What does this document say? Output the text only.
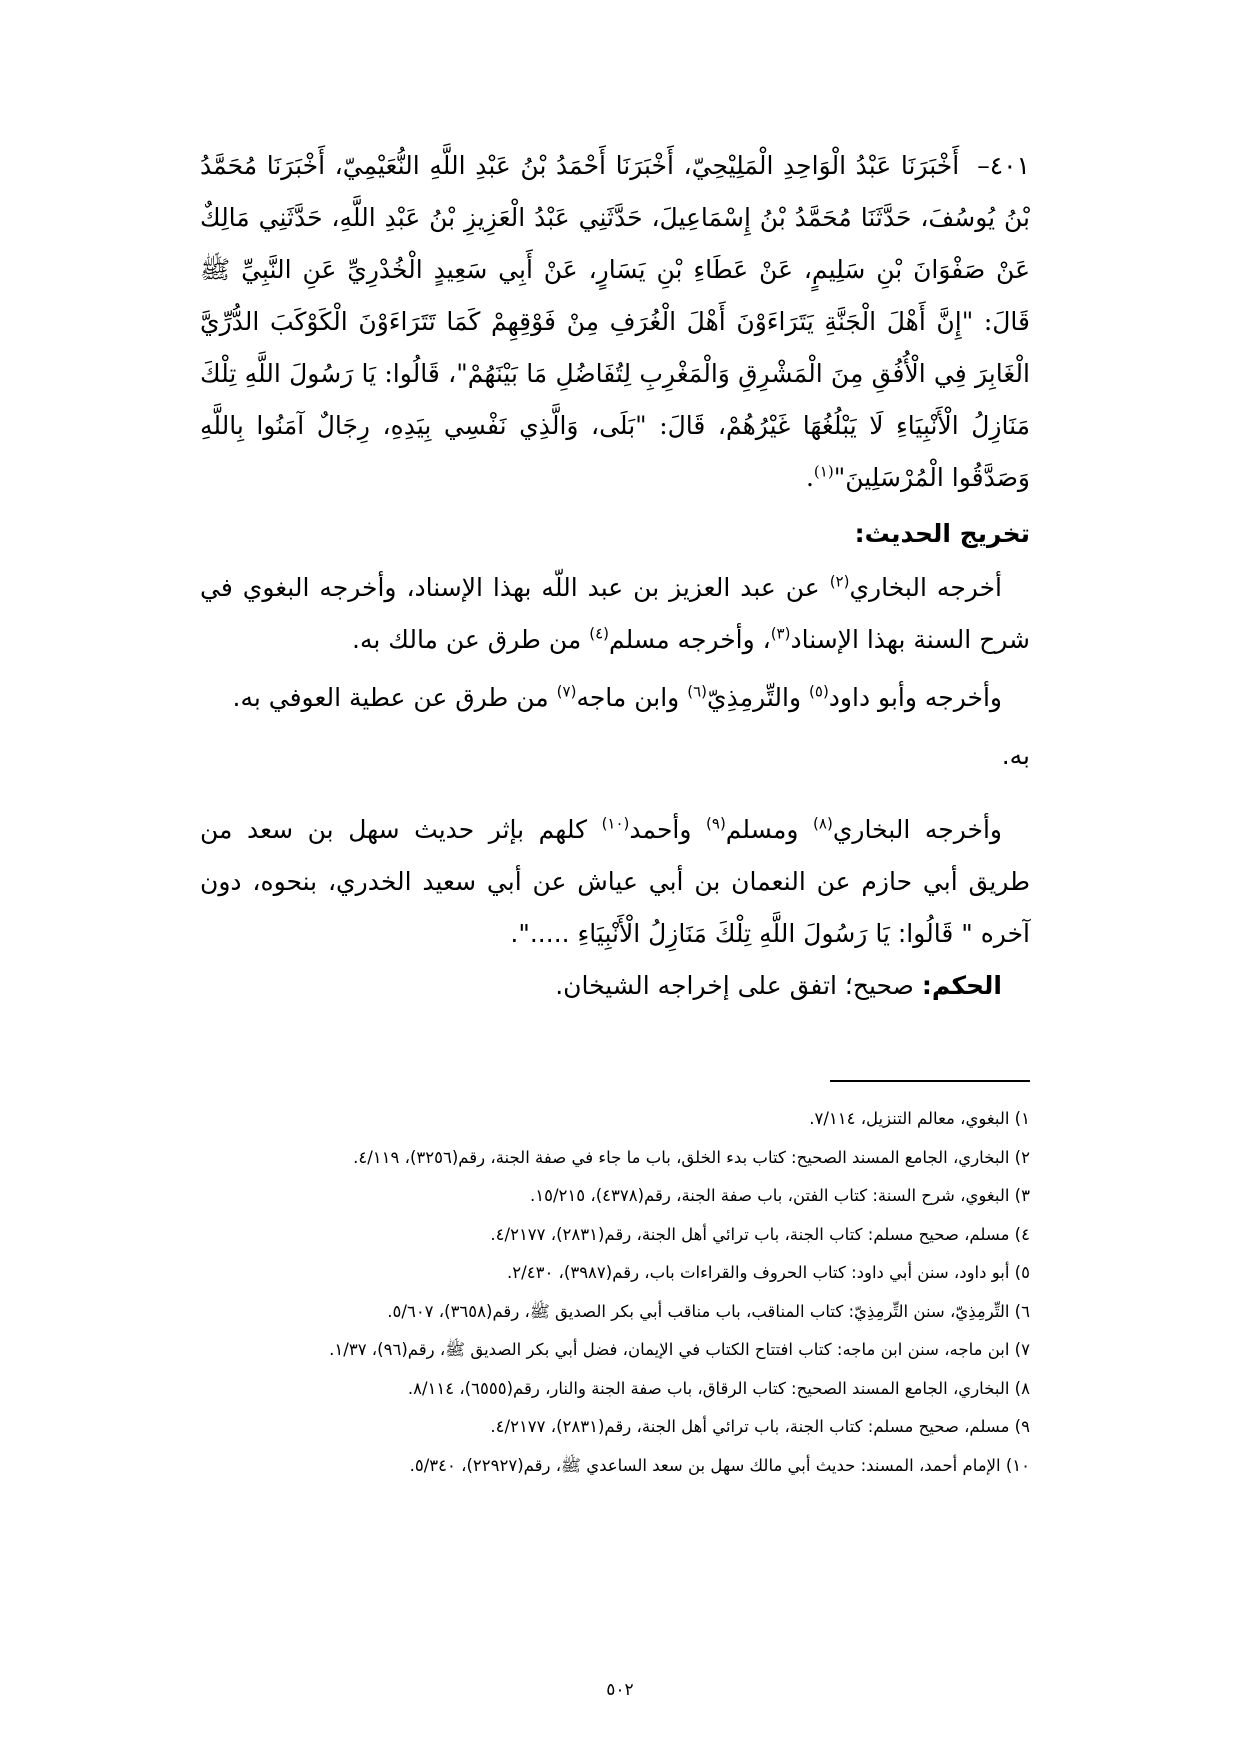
٤٠١–أَخْبَرَنَا عَبْدُ الْوَاحِدِ الْمَلِيْحِيّ، أَخْبَرَنَا أَحْمَدُ بْنُ عَبْدِ اللَّهِ النُّعَيْمِيّ، أَخْبَرَنَا مُحَمَّدُ بْنُ يُوسُفَ، حَدَّثَنَا مُحَمَّدُ بْنُ إِسْمَاعِيلَ، حَدَّثَنِي عَبْدُ الْعَزِيزِ بْنُ عَبْدِ اللَّهِ، حَدَّثَنِي مَالِكٌ عَنْ صَفْوَانَ بْنِ سَلِيمٍ، عَنْ عَطَاءِ بْنِ يَسَارٍ، عَنْ أَبِي سَعِيدٍ الْخُدْرِيِّ عَنِ النَّبِيِّ ﷺ قَالَ: "إِنَّ أَهْلَ الْجَنَّةِ يَتَرَاءَوْنَ أَهْلَ الْغُرَفِ مِنْ فَوْقِهِمْ كَمَا تَتَرَاءَوْنَ الْكَوْكَبَ الدُّرِّيَّ الْغَابِرَ فِي الْأُفُقِ مِنَ الْمَشْرِقِ وَالْمَغْرِبِ لِتُفَاضُلِ مَا بَيْنَهُمْ"، قَالُوا: يَا رَسُولَ اللَّهِ تِلْكَ مَنَازِلُ الْأَنْبِيَاءِ لَا يَبْلُغُهَا غَيْرُهُمْ، قَالَ: "بَلَى، وَالَّذِي نَفْسِي بِيَدِهِ، رِجَالٌ آمَنُوا بِاللَّهِ وَصَدَّقُوا الْمُرْسَلِينَ"$^{(١)}$.

تخريج الحديث:

أخرجه البخاري$^{(٢)}$ عن عبد العزيز بن عبد اللّه بهذا الإسناد، وأخرجه البغوي في شرح السنة بهذا الإسناد$^{(٣)}$، وأخرجه مسلم$^{(٤)}$ من طرق عن مالك به.

وأخرجه وأبو داود$^{(٥)}$ والتِّرمِذِيّ$^{(٦)}$ وابن ماجه$^{(٧)}$ من طرق عن عطية العوفي به.

به.

وأخرجه البخاري$^{(٨)}$ ومسلم$^{(٩)}$ وأحمد$^{(١٠)}$ كلهم بإثر حديث سهل بن سعد من طريق أبي حازم عن النعمان بن أبي عياش عن أبي سعيد الخدري، بنحوه، دون آخره " قَالُوا: يَا رَسُولَ اللَّهِ تِلْكَ مَنَازِلُ الْأَنْبِيَاءِ .....".

الحكم: صحيح؛ اتفق على إخراجه الشيخان.

١) البغوي، معالم التنزيل، ٧/١١٤.
٢) البخاري، الجامع المسند الصحيح: كتاب بدء الخلق، باب ما جاء في صفة الجنة، رقم(٣٢٥٦)، ٤/١١٩.
٣) البغوي، شرح السنة: كتاب الفتن، باب صفة الجنة، رقم(٤٣٧٨)، ١٥/٢١٥.
٤) مسلم، صحيح مسلم: كتاب الجنة، باب ترائي أهل الجنة، رقم(٢٨٣١)، ٤/٢١٧٧.
٥) أبو داود، سنن أبي داود: كتاب الحروف والقراءات باب، رقم(٣٩٨٧)، ٢/٤٣٠.
٦) التِّرمِذِيّ، سنن التِّرمِذِيّ: كتاب المناقب، باب مناقب أبي بكر الصديق ﷺ، رقم(٣٦٥٨)، ٥/٦٠٧.
٧) ابن ماجه، سنن ابن ماجه: كتاب افتتاح الكتاب في الإيمان، فضل أبي بكر الصديق ﷺ، رقم(٩٦)، ١/٣٧.
٨) البخاري، الجامع المسند الصحيح: كتاب الرقاق، باب صفة الجنة والنار، رقم(٦٥٥٥)، ٨/١١٤.
٩) مسلم، صحيح مسلم: كتاب الجنة، باب ترائي أهل الجنة، رقم(٢٨٣١)، ٤/٢١٧٧.
١٠) الإمام أحمد، المسند: حديث أبي مالك سهل بن سعد الساعدي ﷺ، رقم(٢٢٩٢٧)، ٥/٣٤٠.
٥٠٢
